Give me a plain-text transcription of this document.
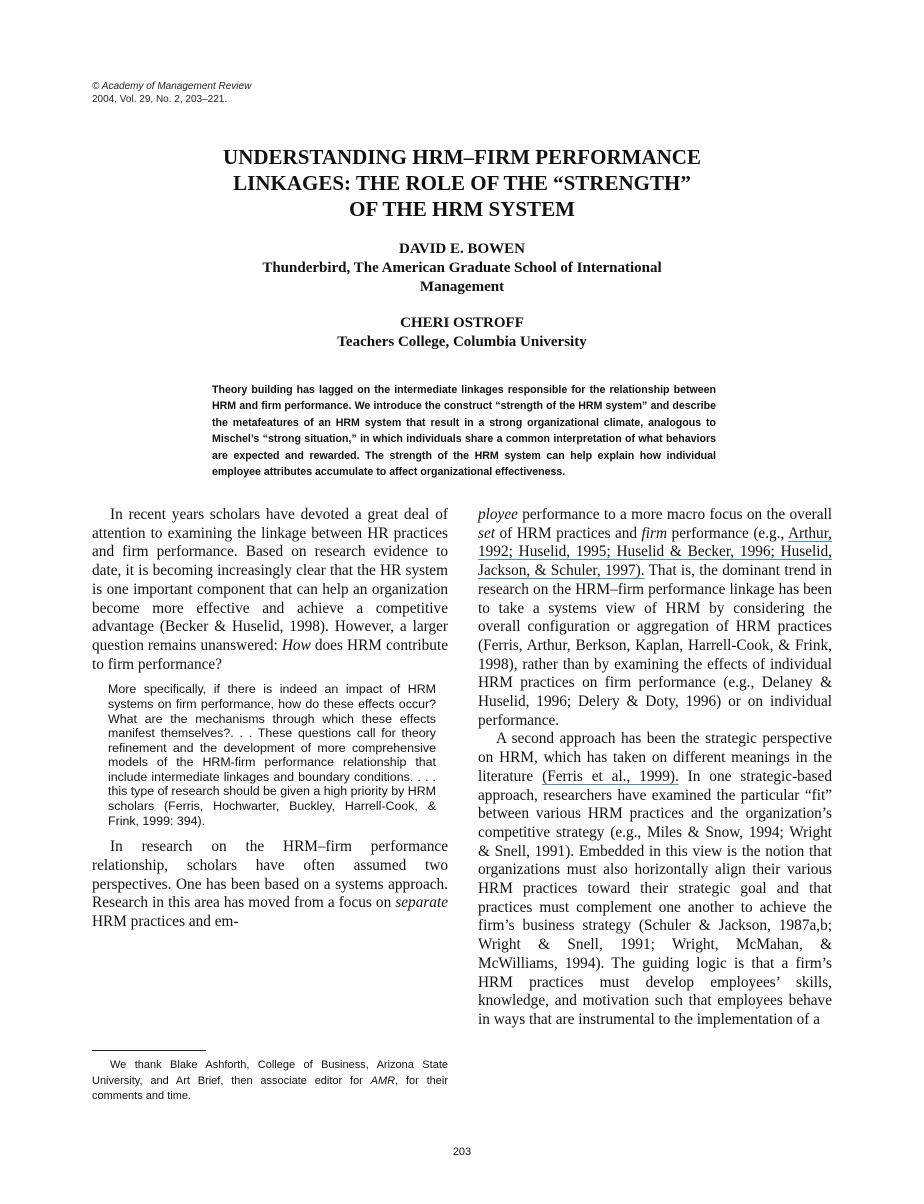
© Academy of Management Review
2004, Vol. 29, No. 2, 203–221.
UNDERSTANDING HRM–FIRM PERFORMANCE
LINKAGES: THE ROLE OF THE “STRENGTH”
OF THE HRM SYSTEM
DAVID E. BOWEN
Thunderbird, The American Graduate School of International
Management
CHERI OSTROFF
Teachers College, Columbia University
Theory building has lagged on the intermediate linkages responsible for the relationship between HRM and firm performance. We introduce the construct “strength of the HRM system” and describe the metafeatures of an HRM system that result in a strong organizational climate, analogous to Mischel’s “strong situation,” in which individuals share a common interpretation of what behaviors are expected and rewarded. The strength of the HRM system can help explain how individual employee attributes accumulate to affect organizational effectiveness.

In recent years scholars have devoted a great deal of attention to examining the linkage between HR practices and firm performance. Based on research evidence to date, it is becoming increasingly clear that the HR system is one important component that can help an organization become more effective and achieve a competitive advantage (Becker & Huselid, 1998). However, a larger question remains unanswered: How does HRM contribute to firm performance?

More specifically, if there is indeed an impact of HRM systems on firm performance, how do these effects occur? What are the mechanisms through which these effects manifest themselves?. . . These questions call for theory refinement and the development of more comprehensive models of the HRM-firm performance relationship that include intermediate linkages and boundary conditions. . . . this type of research should be given a high priority by HRM scholars (Ferris, Hochwarter, Buckley, Harrell-Cook, & Frink, 1999: 394).

In research on the HRM–firm performance relationship, scholars have often assumed two perspectives. One has been based on a systems approach. Research in this area has moved from a focus on separate HRM practices and em-

ployee performance to a more macro focus on the overall set of HRM practices and firm performance (e.g., Arthur, 1992; Huselid, 1995; Huselid & Becker, 1996; Huselid, Jackson, & Schuler, 1997). That is, the dominant trend in research on the HRM–firm performance linkage has been to take a systems view of HRM by considering the overall configuration or aggregation of HRM practices (Ferris, Arthur, Berkson, Kaplan, Harrell-Cook, & Frink, 1998), rather than by examining the effects of individual HRM practices on firm performance (e.g., Delaney & Huselid, 1996; Delery & Doty, 1996) or on individual performance.

A second approach has been the strategic perspective on HRM, which has taken on different meanings in the literature (Ferris et al., 1999). In one strategic-based approach, researchers have examined the particular “fit” between various HRM practices and the organization’s competitive strategy (e.g., Miles & Snow, 1994; Wright & Snell, 1991). Embedded in this view is the notion that organizations must also horizontally align their various HRM practices toward their strategic goal and that practices must complement one another to achieve the firm’s business strategy (Schuler & Jackson, 1987a,b; Wright & Snell, 1991; Wright, McMahan, & McWilliams, 1994). The guiding logic is that a firm’s HRM practices must develop employees’ skills, knowledge, and motivation such that employees behave in ways that are instrumental to the implementation of a

We thank Blake Ashforth, College of Business, Arizona State University, and Art Brief, then associate editor for AMR, for their comments and time.
203
